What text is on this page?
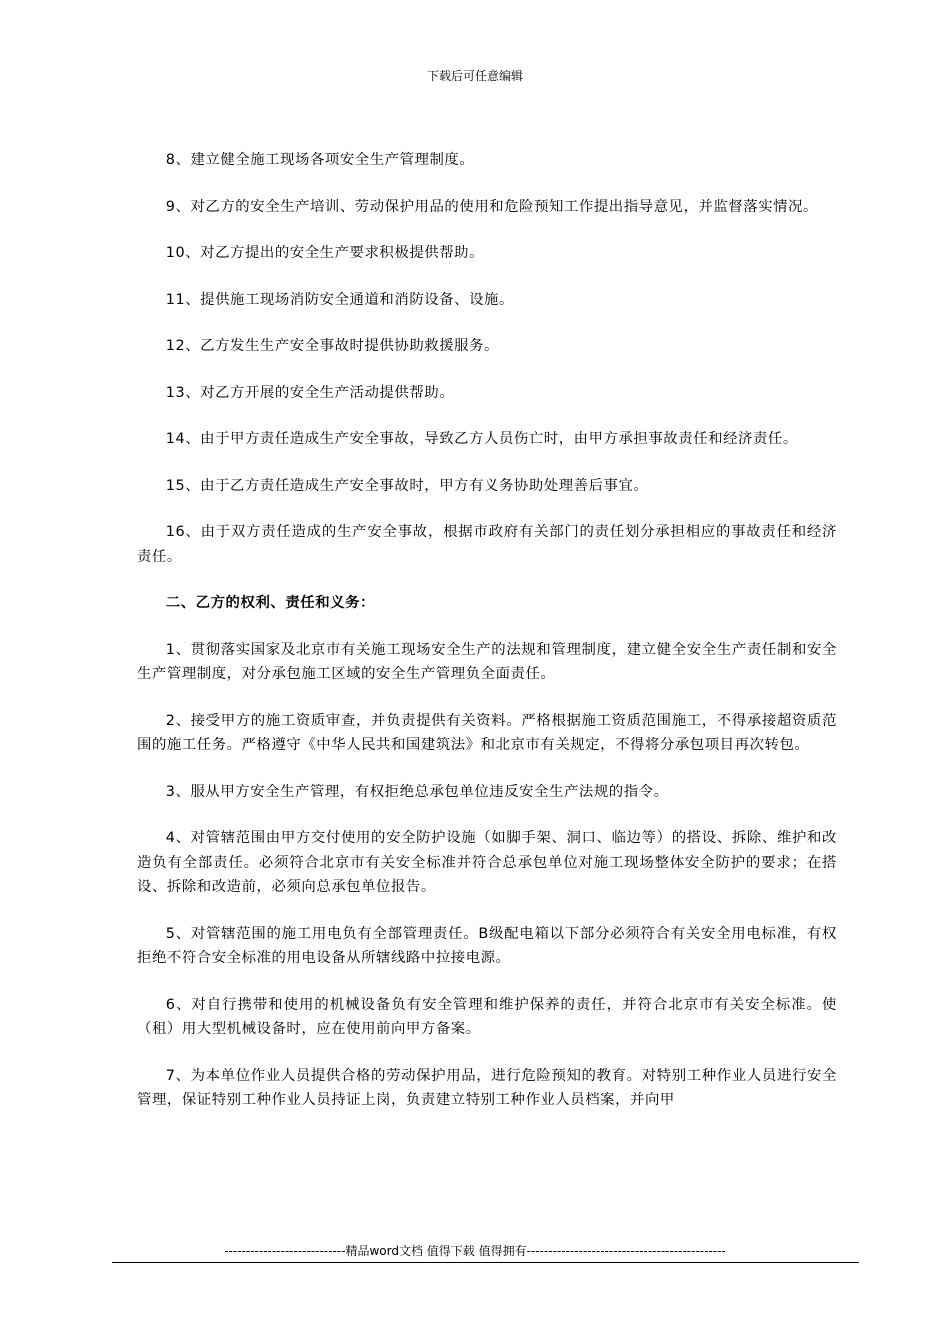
下载后可任意编辑

8、建立健全施工现场各项安全生产管理制度。

9、对乙方的安全生产培训、劳动保护用品的使用和危险预知工作提出指导意见，并监督落实情况。

10、对乙方提出的安全生产要求积极提供帮助。

11、提供施工现场消防安全通道和消防设备、设施。

12、乙方发生生产安全事故时提供协助救援服务。

13、对乙方开展的安全生产活动提供帮助。

14、由于甲方责任造成生产安全事故，导致乙方人员伤亡时，由甲方承担事故责任和经济责任。

15、由于乙方责任造成生产安全事故时，甲方有义务协助处理善后事宜。

16、由于双方责任造成的生产安全事故，根据市政府有关部门的责任划分承担相应的事故责任和经济责任。

二、乙方的权利、责任和义务：

1、贯彻落实国家及北京市有关施工现场安全生产的法规和管理制度，建立健全安全生产责任制和安全生产管理制度，对分承包施工区域的安全生产管理负全面责任。

2、接受甲方的施工资质审查，并负责提供有关资料。严格根据施工资质范围施工，不得承接超资质范围的施工任务。严格遵守《中华人民共和国建筑法》和北京市有关规定，不得将分承包项目再次转包。

3、服从甲方安全生产管理，有权拒绝总承包单位违反安全生产法规的指令。

4、对管辖范围由甲方交付使用的安全防护设施（如脚手架、洞口、临边等）的搭设、拆除、维护和改造负有全部责任。必须符合北京市有关安全标准并符合总承包单位对施工现场整体安全防护的要求；在搭设、拆除和改造前，必须向总承包单位报告。

5、对管辖范围的施工用电负有全部管理责任。B级配电箱以下部分必须符合有关安全用电标准，有权拒绝不符合安全标准的用电设备从所辖线路中拉接电源。

6、对自行携带和使用的机械设备负有安全管理和维护保养的责任，并符合北京市有关安全标准。使（租）用大型机械设备时，应在使用前向甲方备案。

7、为本单位作业人员提供合格的劳动保护用品，进行危险预知的教育。对特别工种作业人员进行安全管理，保证特别工种作业人员持证上岗，负责建立特别工种作业人员档案，并向甲

----------------------------精品word文档 值得下载 值得拥有----------------------------------------------
